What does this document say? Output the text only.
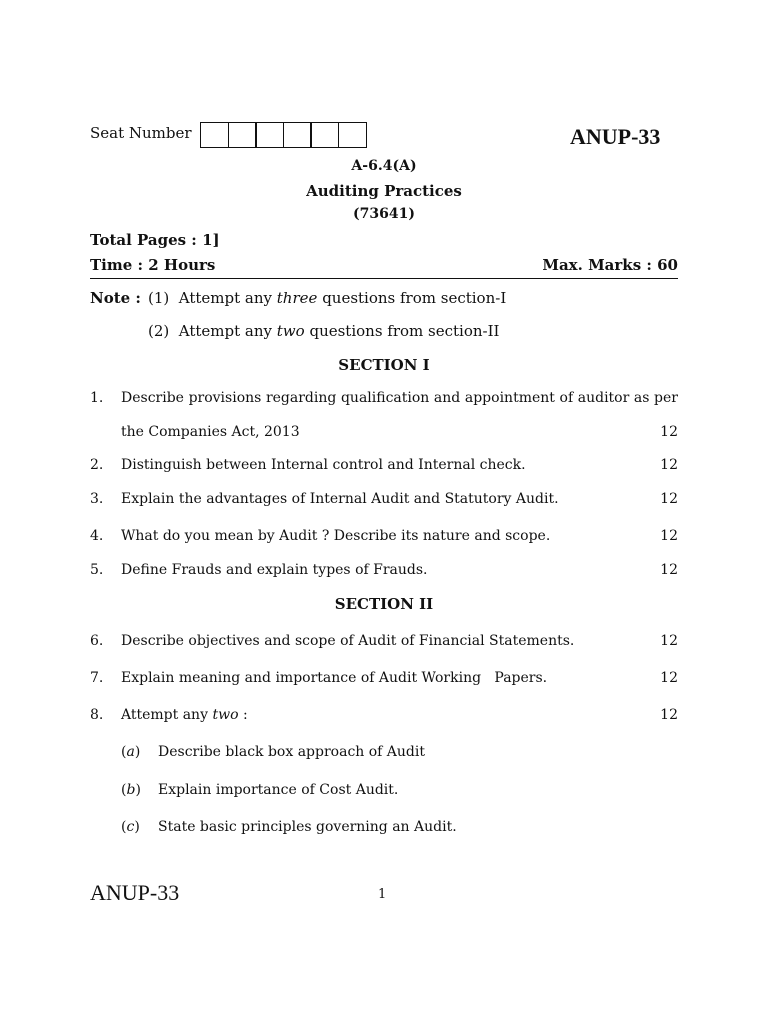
Seat Number	ANUP-33
A-6.4(A)
Auditing Practices
(73641)
Total Pages : 1]
Time : 2 Hours	Max. Marks : 60
Note : (1) Attempt any three questions from section-I
(2) Attempt any two questions from section-II
SECTION I
1. Describe provisions regarding qualification and appointment of auditor as per
the Companies Act, 2013	12
2. Distinguish between Internal control and Internal check.	12
3. Explain the advantages of Internal Audit and Statutory Audit.	12
4. What do you mean by Audit ? Describe its nature and scope.	12
5. Define Frauds and explain types of Frauds.	12
SECTION II
6. Describe objectives and scope of Audit of Financial Statements.	12
7. Explain meaning and importance of Audit Working   Papers.	12
8. Attempt any two :	12
(a) Describe black box approach of Audit
(b) Explain importance of Cost Audit.
(c) State basic principles governing an Audit.
ANUP-33	1
